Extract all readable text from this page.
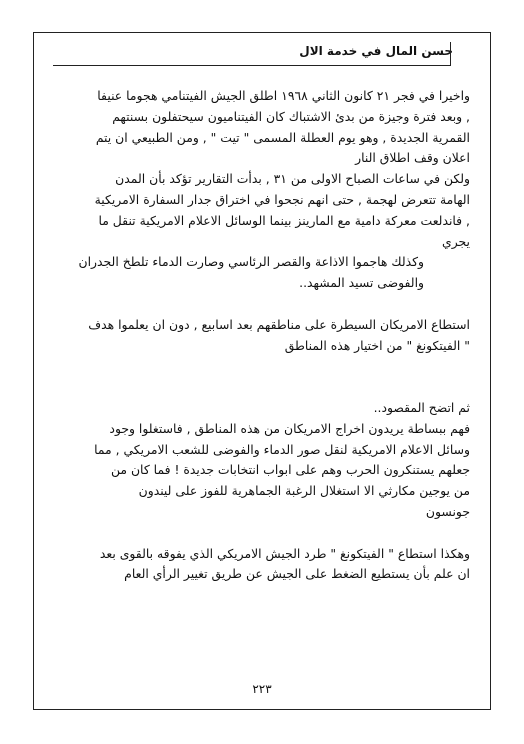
حسن المال في خدمة الال
واخيرا في فجر ٢١ كانون الثاني ١٩٦٨ اطلق الجيش الفيتنامي هجوما عنيفا
, وبعد فترة وجيزة من بدئ الاشتباك كان الفيتناميون سيحتفلون بسنتهم
القمرية الجديدة , وهو يوم العطلة المسمى " تيت " , ومن الطبيعي ان يتم
اعلان وقف اطلاق النار
ولكن في ساعات الصباح الاولى من ٣١ , بدأت التقارير تؤكد بأن المدن
الهامة تتعرض لهجمة , حتى انهم نجحوا في اختراق جدار السفارة الامريكية
, فاندلعت معركة دامية مع المارينز بينما الوسائل الاعلام الامريكية تنقل ما
يجري
وكذلك هاجموا الاذاعة والقصر الرئاسي وصارت الدماء تلطخ الجدران
والفوضى تسيد المشهد..
استطاع الامريكان السيطرة على مناطقهم بعد اسابيع , دون ان يعلموا هدف
" الفيتكونغ " من اختيار هذه المناطق
ثم اتضح المقصود..
فهم ببساطة يريدون اخراج الامريكان من هذه المناطق , فاستغلوا وجود
وسائل الاعلام الامريكية لنقل صور الدماء والفوضى للشعب الامريكي , مما
جعلهم يستنكرون الحرب وهم على ابواب انتخابات جديدة ! فما كان من
من يوجين مكارثي الا استغلال الرغبة الجماهرية للفوز على ليندون
جونسون
وهكذا استطاع " الفيتكونغ " طرد الجيش الامريكي الذي يفوقه بالقوى بعد
ان علم بأن يستطيع الضغط على الجيش عن طريق تغيير الرأي العام
٢٢٣
